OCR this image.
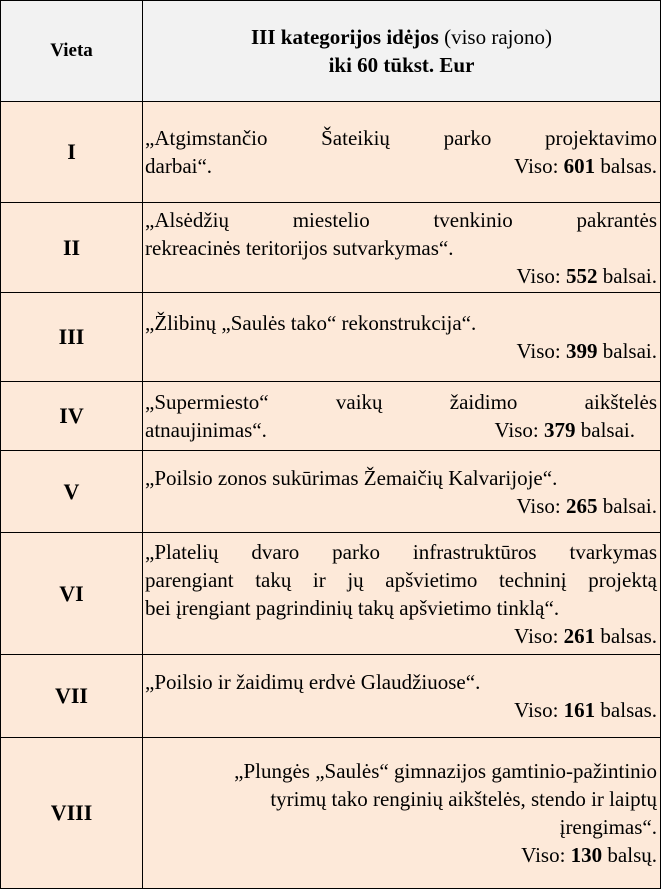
Vieta	III kategorijos idėjos (viso rajono)
iki 60 tūkst. Eur

I	„Atgimstančio Šateikių parko projektavimo
darbai“. Viso: 601 balsas.

II	„Alsėdžių miestelio tvenkinio pakrantės
rekreacinės teritorijos sutvarkymas“.
Viso: 552 balsai.

III	„Žlibinų „Saulės tako“ rekonstrukcija“.
Viso: 399 balsai.

IV	„Supermiesto“ vaikų žaidimo aikštelės
atnaujinimas“. Viso: 379 balsai.

V	„Poilsio zonos sukūrimas Žemaičių Kalvarijoje“.
Viso: 265 balsai.

VI	„Platelių dvaro parko infrastruktūros tvarkymas
parengiant takų ir jų apšvietimo techninį projektą
bei įrengiant pagrindinių takų apšvietimo tinklą“.
Viso: 261 balsas.

VII	„Poilsio ir žaidimų erdvė Glaudžiuose“.
Viso: 161 balsas.

VIII	„Plungės „Saulės“ gimnazijos gamtinio-pažintinio
tyrimų tako renginių aikštelės, stendo ir laiptų
įrengimas“.
Viso: 130 balsų.
